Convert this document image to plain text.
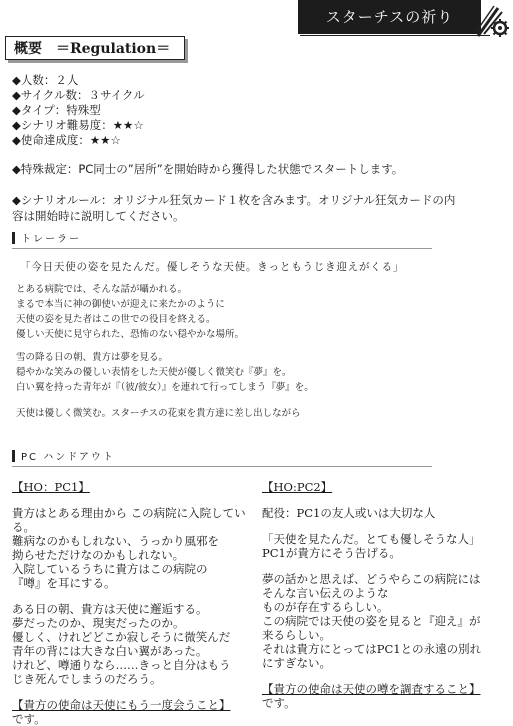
スターチスの祈り
概要　＝Regulation＝
◆人数：２人
◆サイクル数：３サイクル
◆タイプ：特殊型
◆シナリオ難易度：★★☆
◆使命達成度：★★☆
◆特殊裁定：PC同士の”居所”を開始時から獲得した状態でスタートします。
◆シナリオルール：オリジナル狂気カード１枚を含みます。オリジナル狂気カードの内
容は開始時に説明してください。
トレーラー
「今日天使の姿を見たんだ。優しそうな天使。きっともうじき迎えがくる」
とある病院では、そんな話が囁かれる。
まるで本当に神の御使いが迎えに来たかのように
天使の姿を見た者はこの世での役目を終える。
優しい天使に見守られた、恐怖のない穏やかな場所。
雪の降る日の朝、貴方は夢を見る。
穏やかな笑みの優しい表情をした天使が優しく微笑む『夢』を。
白い翼を持った青年が『（彼/彼女）』を連れて行ってしまう『夢』を。
天使は優しく微笑む。スターチスの花束を貴方達に差し出しながら
PC ハンドアウト

【HO：PC1】

貴方はとある理由から この病院に入院してい

る。

難病なのかもしれない、うっかり風邪を

拗らせただけなのかもしれない。

入院しているうちに貴方はこの病院の

『噂』を耳にする。

ある日の朝、貴方は天使に邂逅する。

夢だったのか、現実だったのか。

優しく、けれどどこか寂しそうに微笑んだ

青年の背には大きな白い翼があった。

けれど、噂通りなら……きっと自分はもう

じき死んでしまうのだろう。

【貴方の使命は天使にもう一度会うこと】

です。

【HO:PC2】

配役：PC1の友人或いは大切な人

「天使を見たんだ。とても優しそうな人」

PC1が貴方にそう告げる。

夢の話かと思えば、どうやらこの病院には

そんな言い伝えのような

ものが存在するらしい。

この病院では天使の姿を見ると『迎え』が

来るらしい。

それは貴方にとってはPC1との永遠の別れ

にすぎない。

【貴方の使命は天使の噂を調査すること】

です。
